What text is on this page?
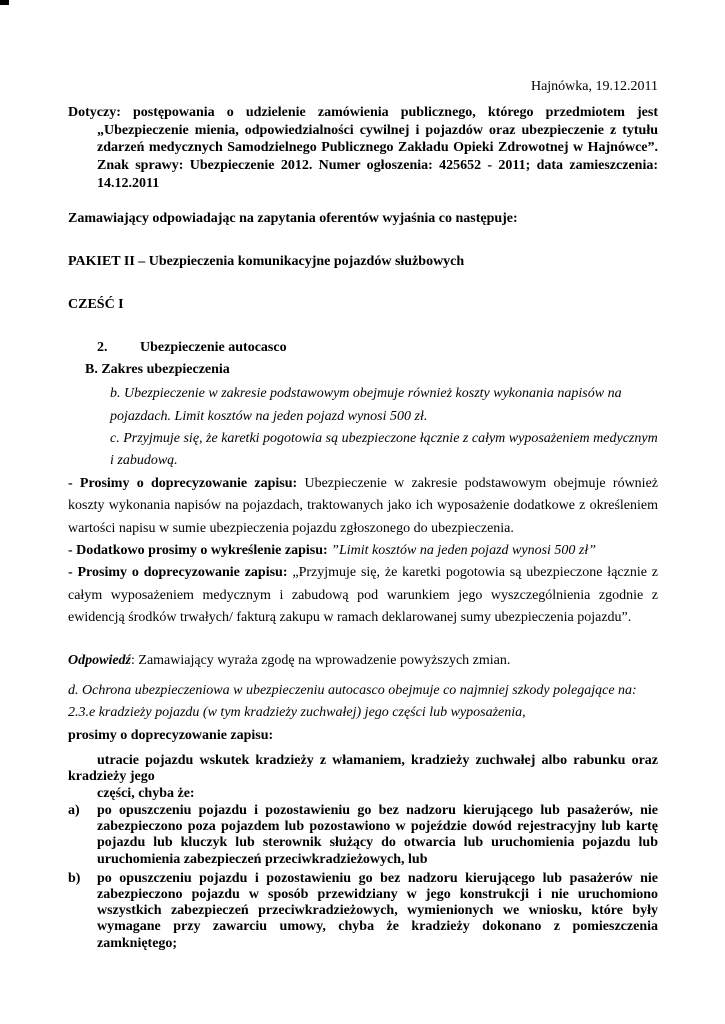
Hajnówka, 19.12.2011

Dotyczy: postępowania o udzielenie zamówienia publicznego, którego przedmiotem jest „Ubezpieczenie mienia, odpowiedzialności cywilnej i pojazdów oraz ubezpieczenie z tytułu zdarzeń medycznych Samodzielnego Publicznego Zakładu Opieki Zdrowotnej w Hajnówce”. Znak sprawy: Ubezpieczenie 2012. Numer ogłoszenia: 425652 - 2011; data zamieszczenia: 14.12.2011

Zamawiający odpowiadając na zapytania oferentów wyjaśnia co następuje:

PAKIET II – Ubezpieczenia komunikacyjne pojazdów służbowych

CZEŚĆ I

2. Ubezpieczenie autocasco

B. Zakres ubezpieczenia

b. Ubezpieczenie w zakresie podstawowym obejmuje również koszty wykonania napisów na pojazdach. Limit kosztów na jeden pojazd wynosi 500 zł.

c. Przyjmuje się, że karetki pogotowia są ubezpieczone łącznie z całym wyposażeniem medycznym i zabudową.

- Prosimy o doprecyzowanie zapisu: Ubezpieczenie w zakresie podstawowym obejmuje również koszty wykonania napisów na pojazdach, traktowanych jako ich wyposażenie dodatkowe z określeniem wartości napisu w sumie ubezpieczenia pojazdu zgłoszonego do ubezpieczenia.

- Dodatkowo prosimy o wykreślenie zapisu: ”Limit kosztów na jeden pojazd wynosi 500 zł”

- Prosimy o doprecyzowanie zapisu: „Przyjmuje się, że karetki pogotowia są ubezpieczone łącznie z całym wyposażeniem medycznym i zabudową pod warunkiem jego wyszczególnienia zgodnie z ewidencją środków trwałych/ fakturą zakupu w ramach deklarowanej sumy ubezpieczenia pojazdu”.

Odpowiedź: Zamawiający wyraża zgodę na wprowadzenie powyższych zmian.

d. Ochrona ubezpieczeniowa w ubezpieczeniu autocasco obejmuje co najmniej szkody polegające na:

2.3.e kradzieży pojazdu (w tym kradzieży zuchwałej) jego części lub wyposażenia,

prosimy o doprecyzowanie zapisu:

utracie pojazdu wskutek kradzieży z włamaniem, kradzieży zuchwałej albo rabunku oraz kradzieży jego

części, chyba że:

a)	po opuszczeniu pojazdu i pozostawieniu go bez nadzoru kierującego lub pasażerów, nie zabezpieczono poza pojazdem lub pozostawiono w pojeździe dowód rejestracyjny lub kartę pojazdu lub kluczyk lub sterownik służący do otwarcia lub uruchomienia pojazdu lub uruchomienia zabezpieczeń przeciwkradzieżowych, lub
b)	po opuszczeniu pojazdu i pozostawieniu go bez nadzoru kierującego lub pasażerów nie zabezpieczono pojazdu w sposób przewidziany w jego konstrukcji i nie uruchomiono wszystkich zabezpieczeń przeciwkradzieżowych, wymienionych we wniosku, które były wymagane przy zawarciu umowy, chyba że kradzieży dokonano z pomieszczenia zamkniętego;
